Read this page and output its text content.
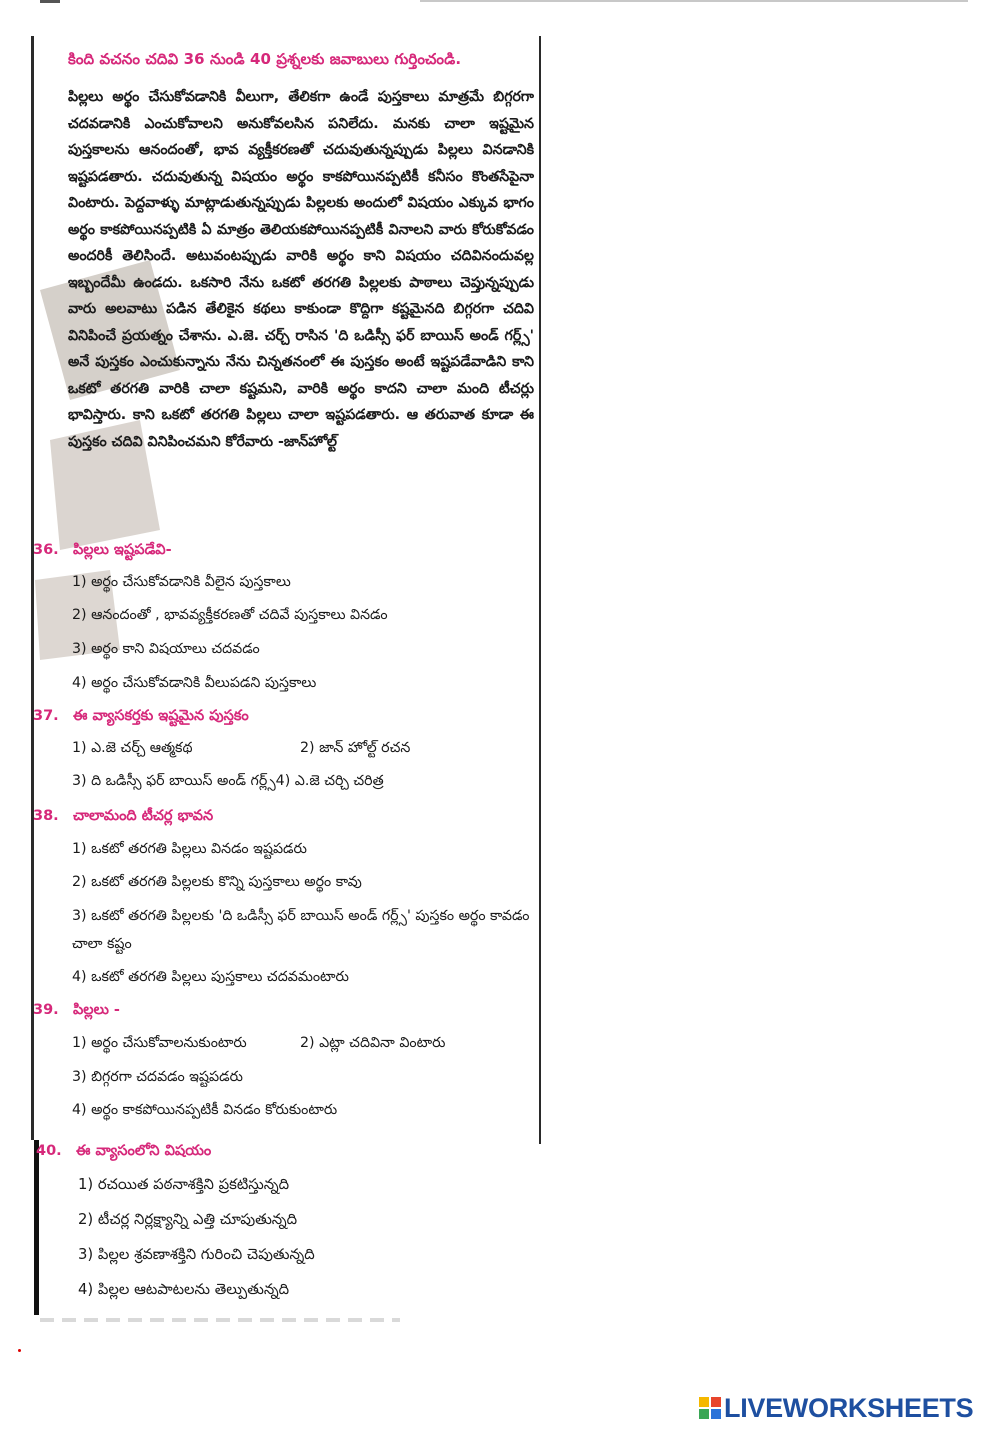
కింది వచనం చదివి 36 నుండి 40 ప్రశ్నలకు జవాబులు గుర్తించండి.
పిల్లలు అర్థం చేసుకోవడానికి వీలుగా, తేలికగా ఉండే పుస్తకాలు మాత్రమే బిగ్గరగా చదవడానికి ఎంచుకోవాలని అనుకోవలసిన పనిలేదు. మనకు చాలా ఇష్టమైన పుస్తకాలను ఆనందంతో, భావ వ్యక్తీకరణతో చదువుతున్నప్పుడు పిల్లలు వినడానికి ఇష్టపడతారు. చదువుతున్న విషయం అర్థం కాకపోయినప్పటికీ కనీసం కొంతసేపైనా వింటారు. పెద్దవాళ్ళు మాట్లాడుతున్నప్పుడు పిల్లలకు అందులో విషయం ఎక్కువ భాగం అర్థం కాకపోయినప్పటికి ఏ మాత్రం తెలియకపోయినప్పటికీ వినాలని వారు కోరుకోవడం అందరికీ తెలిసిందే. అటువంటప్పుడు వారికి అర్థం కాని విషయం చదివినందువల్ల ఇబ్బందేమీ ఉండదు. ఒకసారి నేను ఒకటో తరగతి పిల్లలకు పాఠాలు చెప్తున్నప్పుడు వారు అలవాటు పడిన తేలికైన కథలు కాకుండా కొద్దిగా కష్టమైనది బిగ్గరగా చదివి వినిపించే ప్రయత్నం చేశాను. ఎ.జె. చర్చ్ రాసిన 'ది ఒడిస్సీ ఫర్ బాయిస్ అండ్ గర్ల్స్' అనే పుస్తకం ఎంచుకున్నాను నేను చిన్నతనంలో ఈ పుస్తకం అంటే ఇష్టపడేవాడిని కాని ఒకటో తరగతి వారికి చాలా కష్టమని, వారికి అర్థం కాదని చాలా మంది టీచర్లు భావిస్తారు. కాని ఒకటో తరగతి పిల్లలు చాలా ఇష్టపడతారు. ఆ తరువాత కూడా ఈ పుస్తకం చదివి వినిపించమని కోరేవారు -జాన్‌హోల్ట్
36. పిల్లలు ఇష్టపడేవి-
1) అర్థం చేసుకోవడానికి వీలైన పుస్తకాలు
2) ఆనందంతో , భావవ్యక్తీకరణతో చదివే పుస్తకాలు వినడం
3) అర్థం కాని విషయాలు చదవడం
4) అర్థం చేసుకోవడానికి వీలుపడని పుస్తకాలు
37. ఈ వ్యాసకర్తకు ఇష్టమైన పుస్తకం
1) ఎ.జె చర్చ్ ఆత్మకథ	2) జాన్ హోల్ట్ రచన
3) ది ఒడిస్సీ ఫర్ బాయిస్ అండ్ గర్ల్స్4) ఎ.జె చర్చి చరిత్ర
38. చాలామంది టీచర్ల భావన
1) ఒకటో తరగతి పిల్లలు వినడం ఇష్టపడరు
2) ఒకటో తరగతి పిల్లలకు కొన్ని పుస్తకాలు అర్థం కావు
3) ఒకటో తరగతి పిల్లలకు 'ది ఒడిస్సీ ఫర్ బాయిస్ అండ్ గర్ల్స్' పుస్తకం అర్థం కావడం చాలా కష్టం
4) ఒకటో తరగతి పిల్లలు పుస్తకాలు చదవమంటారు
39. పిల్లలు -
1) అర్థం చేసుకోవాలనుకుంటారు	2) ఎట్లా చదివినా వింటారు
3) బిగ్గరగా చదవడం ఇష్టపడరు
4) అర్థం కాకపోయినప్పటికీ వినడం కోరుకుంటారు
40. ఈ వ్యాసంలోని విషయం
1) రచయిత పఠనాశక్తిని ప్రకటిస్తున్నది
2) టీచర్ల నిర్లక్ష్యాన్ని ఎత్తి చూపుతున్నది
3) పిల్లల శ్రవణాశక్తిని గురించి చెపుతున్నది
4) పిల్లల ఆటపాటలను తెల్పుతున్నది
LIVEWORKSHEETS
